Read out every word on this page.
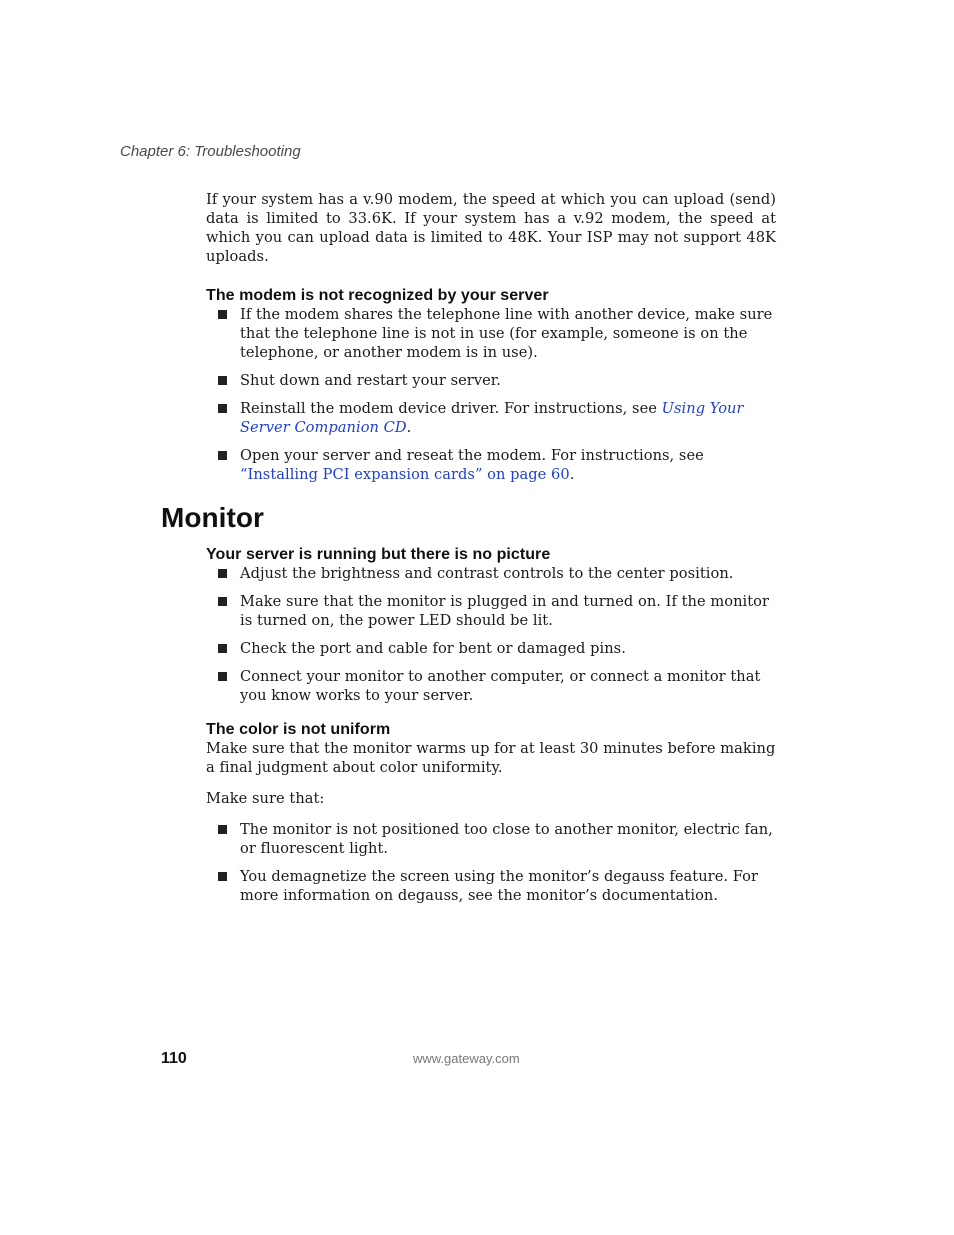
Chapter 6: Troubleshooting

If your system has a v.90 modem, the speed at which you can upload (send) data is limited to 33.6K. If your system has a v.92 modem, the speed at which you can upload data is limited to 48K. Your ISP may not support 48K uploads.

The modem is not recognized by your server
If the modem shares the telephone line with another device, make sure that the telephone line is not in use (for example, someone is on the telephone, or another modem is in use).
Shut down and restart your server.
Reinstall the modem device driver. For instructions, see Using Your Server Companion CD.
Open your server and reseat the modem. For instructions, see “Installing PCI expansion cards” on page 60.
Monitor
Your server is running but there is no picture
Adjust the brightness and contrast controls to the center position.
Make sure that the monitor is plugged in and turned on. If the monitor is turned on, the power LED should be lit.
Check the port and cable for bent or damaged pins.
Connect your monitor to another computer, or connect a monitor that you know works to your server.
The color is not uniform

Make sure that the monitor warms up for at least 30 minutes before making a final judgment about color uniformity.

Make sure that:

The monitor is not positioned too close to another monitor, electric fan, or fluorescent light.
You demagnetize the screen using the monitor’s degauss feature. For more information on degauss, see the monitor’s documentation.
110	www.gateway.com
